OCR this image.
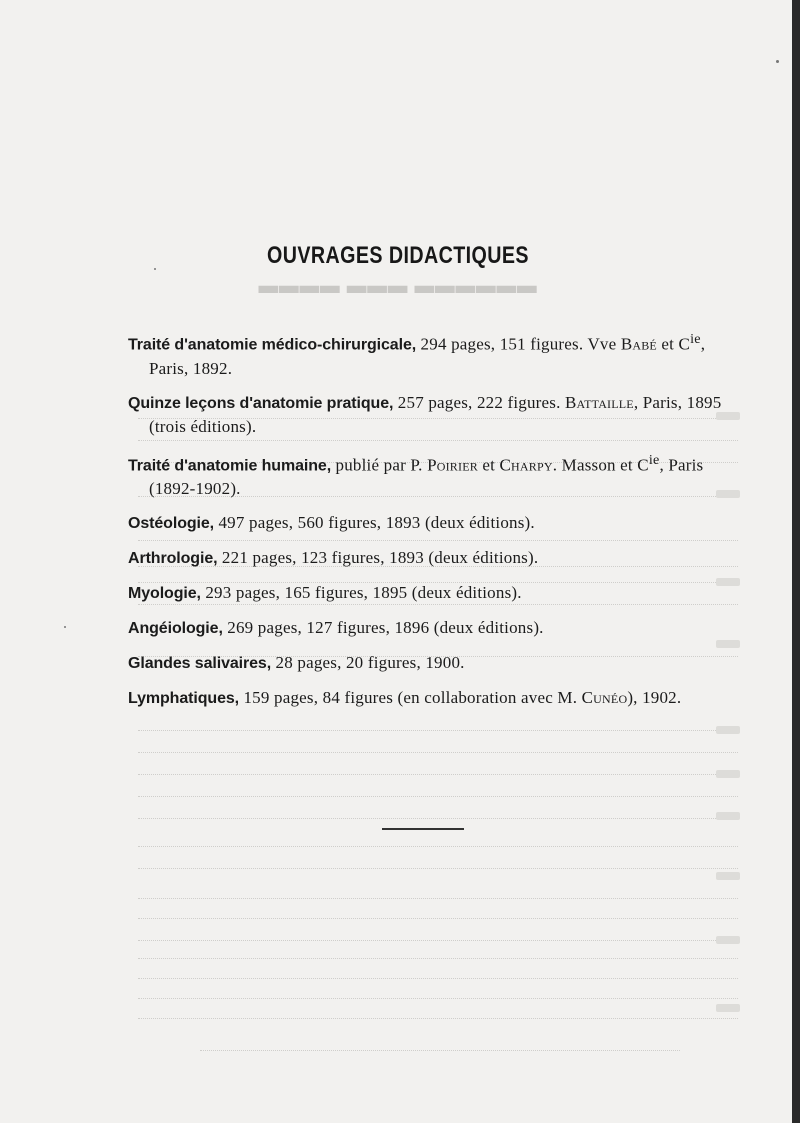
▬▬▬▬ ▬▬▬ ▬▬▬▬▬▬
OUVRAGES DIDACTIQUES
Traité d'anatomie médico-chirurgicale, 294 pages, 151 figures. Vve Babé et $C^{ie}$, Paris, 1892.
Quinze leçons d'anatomie pratique, 257 pages, 222 figures. Battaille, Paris, 1895 (trois éditions).
Traité d'anatomie humaine, publié par P. Poirier et Charpy. Masson et $C^{ie}$, Paris (1892-1902).
Ostéologie, 497 pages, 560 figures, 1893 (deux éditions).
Arthrologie, 221 pages, 123 figures, 1893 (deux éditions).
Myologie, 293 pages, 165 figures, 1895 (deux éditions).
Angéiologie, 269 pages, 127 figures, 1896 (deux éditions).
Glandes salivaires, 28 pages, 20 figures, 1900.
Lymphatiques, 159 pages, 84 figures (en collaboration avec M. Cunéo), 1902.
